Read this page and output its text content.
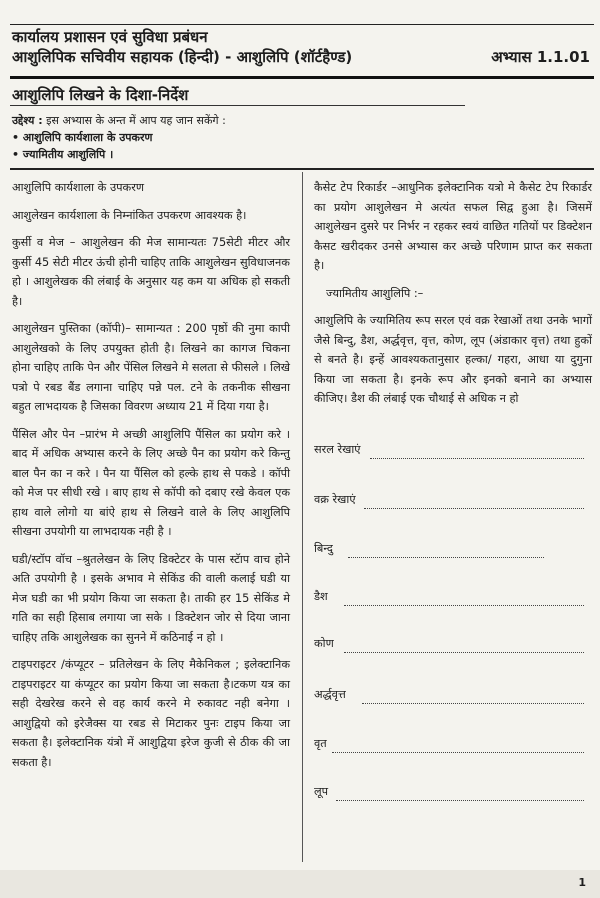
कार्यालय प्रशासन एवं सुविधा प्रबंधन
आशुलिपिक सचिवीय सहायक (हिन्दी) - आशुलिपि (शॉर्टहैण्ड)	अभ्यास 1.1.01
आशुलिपि लिखने के दिशा-निर्देश
उद्देश्य : इस अभ्यास के अन्त में आप यह जान सकेंगे :
• आशुलिपि कार्यशाला के उपकरण
• ज्यामितीय आशुलिपि ।

आशुलिपि कार्यशाला के उपकरण

आशुलेखन कार्यशाला के निम्नांकित उपकरण आवश्यक है।

कुर्सी व मेज – आशुलेखन की मेज सामान्यतः 75सेटी मीटर और कुर्सी 45 सेटी मीटर ऊंची होनी चाहिए ताकि आशुलेखन सुविधाजनक हो । आशुलेखक की लंबाई के अनुसार यह कम या अधिक हो सकती है।

आशुलेखन पुस्तिका (कॉपी)– सामान्यत : 200 पृष्ठों की नुमा कापी आशुलेखको के लिए उपयुक्त होती है। लिखने का कागज चिकना होना चाहिए ताकि पेन और पेंसिल लिखने मे सलता से फीसले । लिखे पत्रो पे रबड बैंड लगाना चाहिए पन्ने पल. टने के तकनीक सीखना बहुत लाभदायक है जिसका विवरण अध्याय 21 में दिया गया है।

पैंसिल और पेन –प्रारंभ मे अच्छी आशुलिपि पैंसिल का प्रयोग करे । बाद में अधिक अभ्यास करने के लिए अच्छे पैन का प्रयोग करे किन्तु बाल पैन का न करे । पैन या पैंसिल को हल्के हाथ से पकडे । कॉपी को मेज पर सीधी रखे । बाए हाथ से कॉपी को दबाए रखे केवल एक हाथ वाले लोगो या बांऐ हाथ से लिखने वाले के लिए आशुलिपि सीखना उपयोगी या लाभदायक नही है ।

घडी/स्टॉप वॉच –श्रुतलेखन के लिए डिक्टेटर के पास स्टॅाप वाच होने अति उपयोगी है । इसके अभाव मे सेकिंड की वाली कलाई घडी या मेज घडी का भी प्रयोग किया जा सकता है। ताकी हर 15 सेकिंड मे गति का सही हिसाब लगाया जा सके । डिक्टेशन जोर से दिया जाना चाहिए तकि आशुलेखक का सुनने में कठिनाई न हो ।

टाइपराइटर /कंप्यूटर – प्रतिलेखन के लिए मैकेनिकल ; इलेक्टानिक टाइपराइटर या कंप्यूटर का प्रयोग किया जा सकता है।टकण यत्र का सही देखरेख करने से वह कार्य करने मे रुकावट नही बनेगा । आशुद्वियो को इरेजैक्स या रबड से मिटाकर पुनः टाइप किया जा सकता है। इलेक्टानिक यंत्रो में आशुद्विया इरेज कुजी से ठीक की जा सकता है।

कैसेट टेप रिकार्डर –आधुनिक इलेक्टानिक यत्रो मे कैसेट टेप रिकार्डर का प्रयोग आशुलेखन मे अत्यंत सफल सिद्व हुआ है। जिसमें आशुलेखन दुसरे पर निर्भर न रहकर स्वयं वाछित गतियों पर डिक्टेशन कैसट खरीदकर उनसे अभ्यास कर अच्छे परिणाम प्राप्त कर सकता है।

ज्यामितीय आशुलिपि :–

आशुलिपि के ज्यामितिय रूप सरल एवं वक्र रेखाओं तथा उनके भागों जैसे बिन्दु, डैश, अर्द्धवृत्त, वृत्त, कोण, लूप (अंडाकार वृत्त) तथा हुकों से बनते है। इन्हें आवश्यकतानुसार हल्का/ गहरा, आधा या दुगुना किया जा सकता है। इनके रूप और इनको बनाने का अभ्यास कीजिए। डैश की लंबाई एक चौथाई से अधिक न हो

सरल रेखाएं
वक्र रेखाएं
बिन्दु
डैश
कोण
अर्द्धवृत्त
वृत
लूप
1
